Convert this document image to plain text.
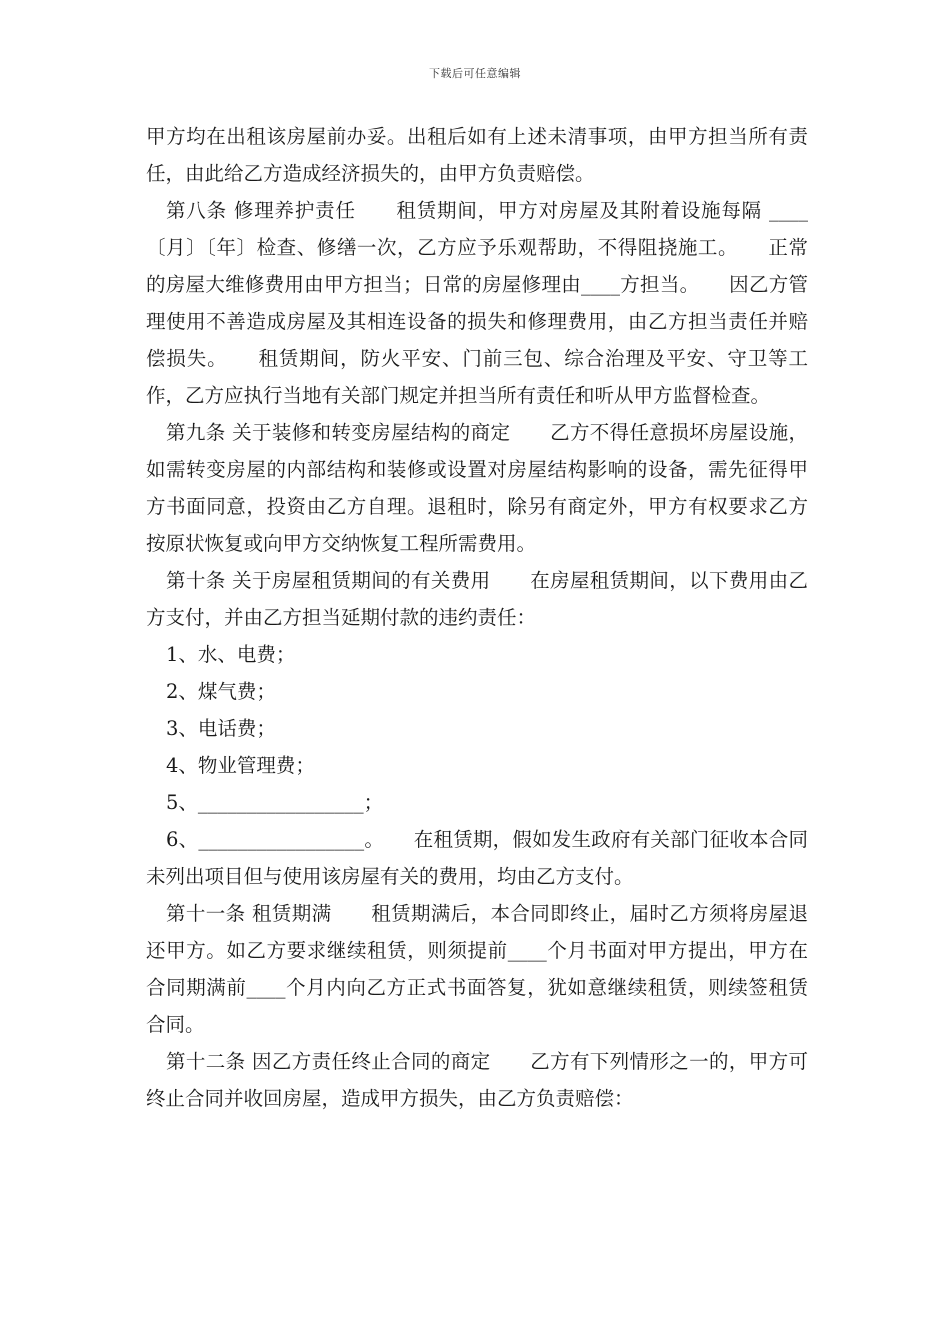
下载后可任意编辑

甲方均在出租该房屋前办妥。出租后如有上述未清事项，由甲方担当所有责任，由此给乙方造成经济损失的，由甲方负责赔偿。

第八条 修理养护责任　　租赁期间，甲方对房屋及其附着设施每隔 ____〔月〕〔年〕检查、修缮一次，乙方应予乐观帮助，不得阻挠施工。　　正常的房屋大维修费用由甲方担当；日常的房屋修理由____方担当。　　因乙方管理使用不善造成房屋及其相连设备的损失和修理费用，由乙方担当责任并赔偿损失。　　租赁期间，防火平安、门前三包、综合治理及平安、守卫等工作，乙方应执行当地有关部门规定并担当所有责任和听从甲方监督检查。

第九条 关于装修和转变房屋结构的商定　　乙方不得任意损坏房屋设施，如需转变房屋的内部结构和装修或设置对房屋结构影响的设备，需先征得甲方书面同意，投资由乙方自理。退租时，除另有商定外，甲方有权要求乙方按原状恢复或向甲方交纳恢复工程所需费用。

第十条 关于房屋租赁期间的有关费用　　在房屋租赁期间，以下费用由乙方支付，并由乙方担当延期付款的违约责任：

1、水、电费；

2、煤气费；

3、电话费；

4、物业管理费；

5、_________________；

6、_________________。　　在租赁期，假如发生政府有关部门征收本合同未列出项目但与使用该房屋有关的费用，均由乙方支付。

第十一条 租赁期满　　租赁期满后，本合同即终止，届时乙方须将房屋退还甲方。如乙方要求继续租赁，则须提前____个月书面对甲方提出，甲方在合同期满前____个月内向乙方正式书面答复，犹如意继续租赁，则续签租赁合同。

第十二条 因乙方责任终止合同的商定　　乙方有下列情形之一的，甲方可终止合同并收回房屋，造成甲方损失，由乙方负责赔偿：
